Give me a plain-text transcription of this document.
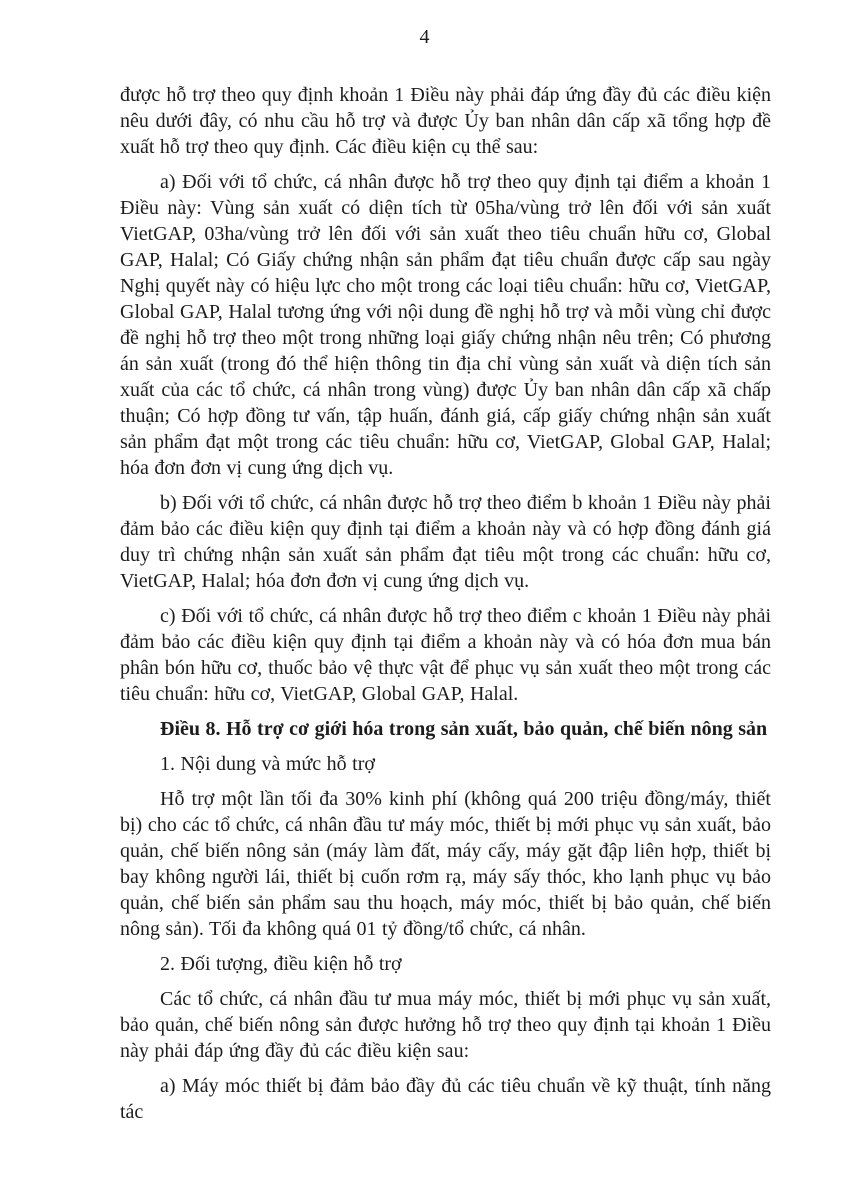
4

được hỗ trợ theo quy định khoản 1 Điều này phải đáp ứng đầy đủ các điều kiện nêu dưới đây, có nhu cầu hỗ trợ và được Ủy ban nhân dân cấp xã tổng hợp đề xuất hỗ trợ theo quy định. Các điều kiện cụ thể sau:

a) Đối với tổ chức, cá nhân được hỗ trợ theo quy định tại điểm a khoản 1 Điều này: Vùng sản xuất có diện tích từ 05ha/vùng trở lên đối với sản xuất VietGAP, 03ha/vùng trở lên đối với sản xuất theo tiêu chuẩn hữu cơ, Global GAP, Halal; Có Giấy chứng nhận sản phẩm đạt tiêu chuẩn được cấp sau ngày Nghị quyết này có hiệu lực cho một trong các loại tiêu chuẩn: hữu cơ, VietGAP, Global GAP, Halal tương ứng với nội dung đề nghị hỗ trợ và mỗi vùng chỉ được đề nghị hỗ trợ theo một trong những loại giấy chứng nhận nêu trên; Có phương án sản xuất (trong đó thể hiện thông tin địa chỉ vùng sản xuất và diện tích sản xuất của các tổ chức, cá nhân trong vùng) được Ủy ban nhân dân cấp xã chấp thuận; Có hợp đồng tư vấn, tập huấn, đánh giá, cấp giấy chứng nhận sản xuất sản phẩm đạt một trong các tiêu chuẩn: hữu cơ, VietGAP, Global GAP, Halal; hóa đơn đơn vị cung ứng dịch vụ.

b) Đối với tổ chức, cá nhân được hỗ trợ theo điểm b khoản 1 Điều này phải đảm bảo các điều kiện quy định tại điểm a khoản này và có hợp đồng đánh giá duy trì chứng nhận sản xuất sản phẩm đạt tiêu một trong các chuẩn: hữu cơ, VietGAP, Halal; hóa đơn đơn vị cung ứng dịch vụ.

c) Đối với tổ chức, cá nhân được hỗ trợ theo điểm c khoản 1 Điều này phải đảm bảo các điều kiện quy định tại điểm a khoản này và có hóa đơn mua bán phân bón hữu cơ, thuốc bảo vệ thực vật để phục vụ sản xuất theo một trong các tiêu chuẩn: hữu cơ, VietGAP, Global GAP, Halal.

Điều 8. Hỗ trợ cơ giới hóa trong sản xuất, bảo quản, chế biến nông sản

1. Nội dung và mức hỗ trợ

Hỗ trợ một lần tối đa 30% kinh phí (không quá 200 triệu đồng/máy, thiết bị) cho các tổ chức, cá nhân đầu tư máy móc, thiết bị mới phục vụ sản xuất, bảo quản, chế biến nông sản (máy làm đất, máy cấy, máy gặt đập liên hợp, thiết bị bay không người lái, thiết bị cuốn rơm rạ, máy sấy thóc, kho lạnh phục vụ bảo quản, chế biến sản phẩm sau thu hoạch, máy móc, thiết bị bảo quản, chế biến nông sản). Tối đa không quá 01 tỷ đồng/tổ chức, cá nhân.

2. Đối tượng, điều kiện hỗ trợ

Các tổ chức, cá nhân đầu tư mua máy móc, thiết bị mới phục vụ sản xuất, bảo quản, chế biến nông sản được hưởng hỗ trợ theo quy định tại khoản 1 Điều này phải đáp ứng đầy đủ các điều kiện sau:

a) Máy móc thiết bị đảm bảo đầy đủ các tiêu chuẩn về kỹ thuật, tính năng tác
